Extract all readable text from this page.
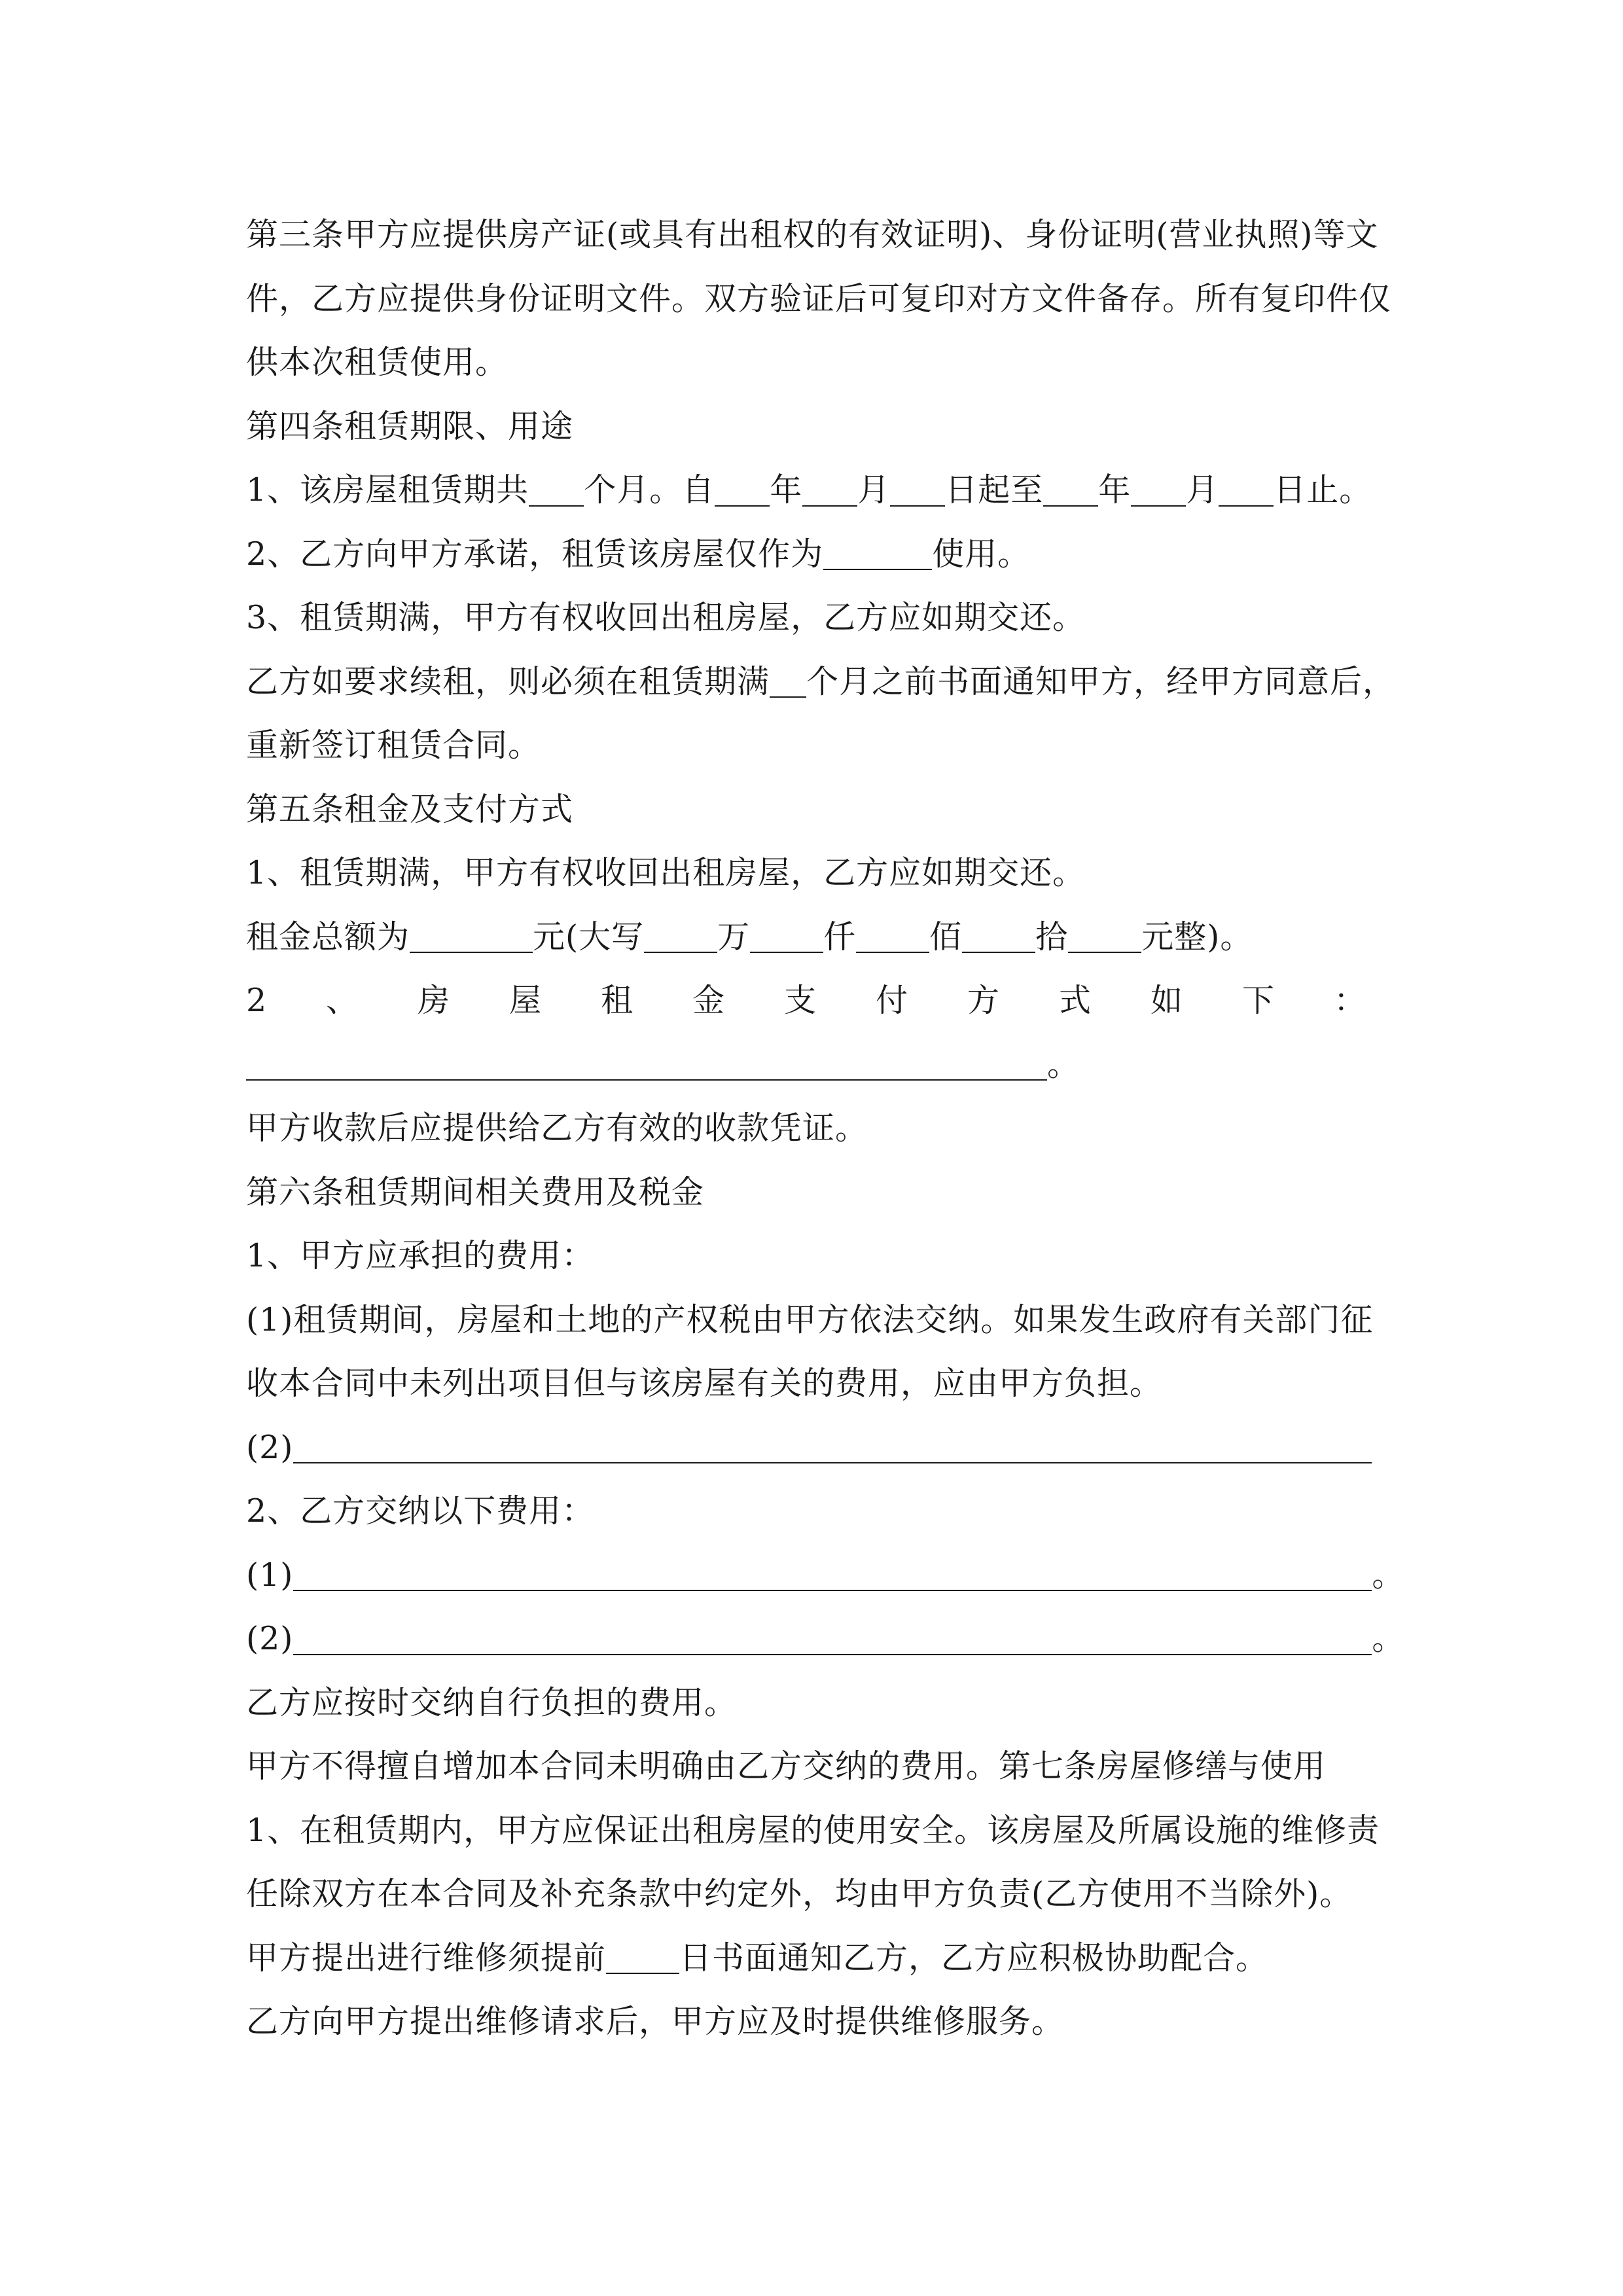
第三条甲方应提供房产证(或具有出租权的有效证明)、身份证明(营业执照)等文
件，乙方应提供身份证明文件。双方验证后可复印对方文件备存。所有复印件仅
供本次租赁使用。
第四条租赁期限、用途
1、该房屋租赁期共 个月。自 年 月 日起至 年 月 日止。
2、乙方向甲方承诺，租赁该房屋仅作为	使用。
3、租赁期满，甲方有权收回出租房屋，乙方应如期交还。
乙方如要求续租，则必须在租赁期满 个月之前书面通知甲方，经甲方同意后，
重新签订租赁合同。
第五条租金及支付方式
1、租赁期满，甲方有权收回出租房屋，乙方应如期交还。
租金总额为	元(大写 万 仟 佰 拾 元整)。
2 、 房 屋 租 金 支 付 方 式 如 下 ：
。
甲方收款后应提供给乙方有效的收款凭证。
第六条租赁期间相关费用及税金
1、甲方应承担的费用：
(1)租赁期间，房屋和土地的产权税由甲方依法交纳。如果发生政府有关部门征
收本合同中未列出项目但与该房屋有关的费用，应由甲方负担。
(2)
2、乙方交纳以下费用：
(1)	。
(2)	。
乙方应按时交纳自行负担的费用。
甲方不得擅自增加本合同未明确由乙方交纳的费用。第七条房屋修缮与使用
1、在租赁期内，甲方应保证出租房屋的使用安全。该房屋及所属设施的维修责
任除双方在本合同及补充条款中约定外，均由甲方负责(乙方使用不当除外)。
甲方提出进行维修须提前 日书面通知乙方，乙方应积极协助配合。
乙方向甲方提出维修请求后，甲方应及时提供维修服务。
